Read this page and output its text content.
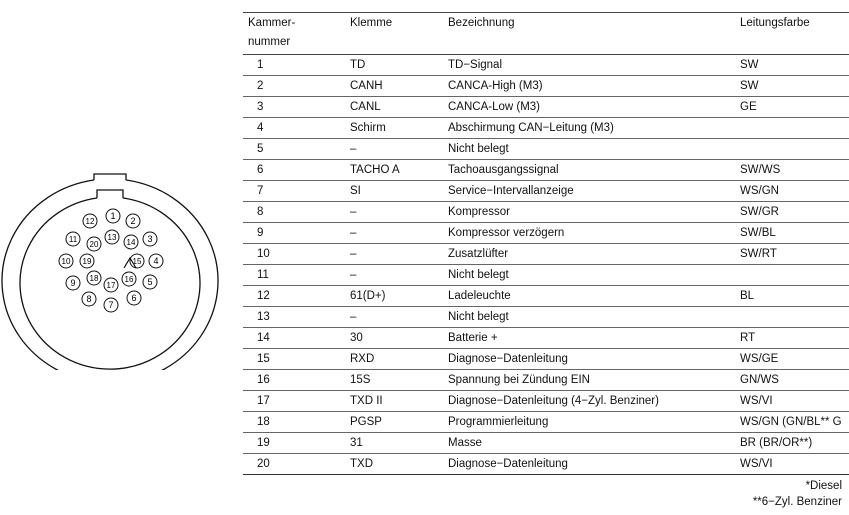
1 2
3
4
5
6
7
8
9
10
11
12
13
14
15
16
17
18
19
20
Kammer-
nummer	Klemme	Bezeichnung	Leitungsfarbe
1	TD	TD−Signal	SW
2	CANH	CANCA-High (M3)	SW
3	CANL	CANCA-Low (M3)	GE
4	Schirm	Abschirmung CAN−Leitung (M3)	
5	–	Nicht belegt	
6	TACHO A	Tachoausgangssignal	SW/WS
7	SI	Service−Intervallanzeige	WS/GN
8	–	Kompressor	SW/GR
9	–	Kompressor verzögern	SW/BL
10	–	Zusatzlüfter	SW/RT
11	–	Nicht belegt	
12	61(D+)	Ladeleuchte	BL
13	–	Nicht belegt	
14	30	Batterie +	RT
15	RXD	Diagnose−Datenleitung	WS/GE
16	15S	Spannung bei Zündung EIN	GN/WS
17	TXD II	Diagnose−Datenleitung (4−Zyl. Benziner)	WS/VI
18	PGSP	Programmierleitung	WS/GN (GN/BL** G
19	31	Masse	BR (BR/OR**)
20	TXD	Diagnose−Datenleitung	WS/VI
*Diesel
**6−Zyl. Benziner
